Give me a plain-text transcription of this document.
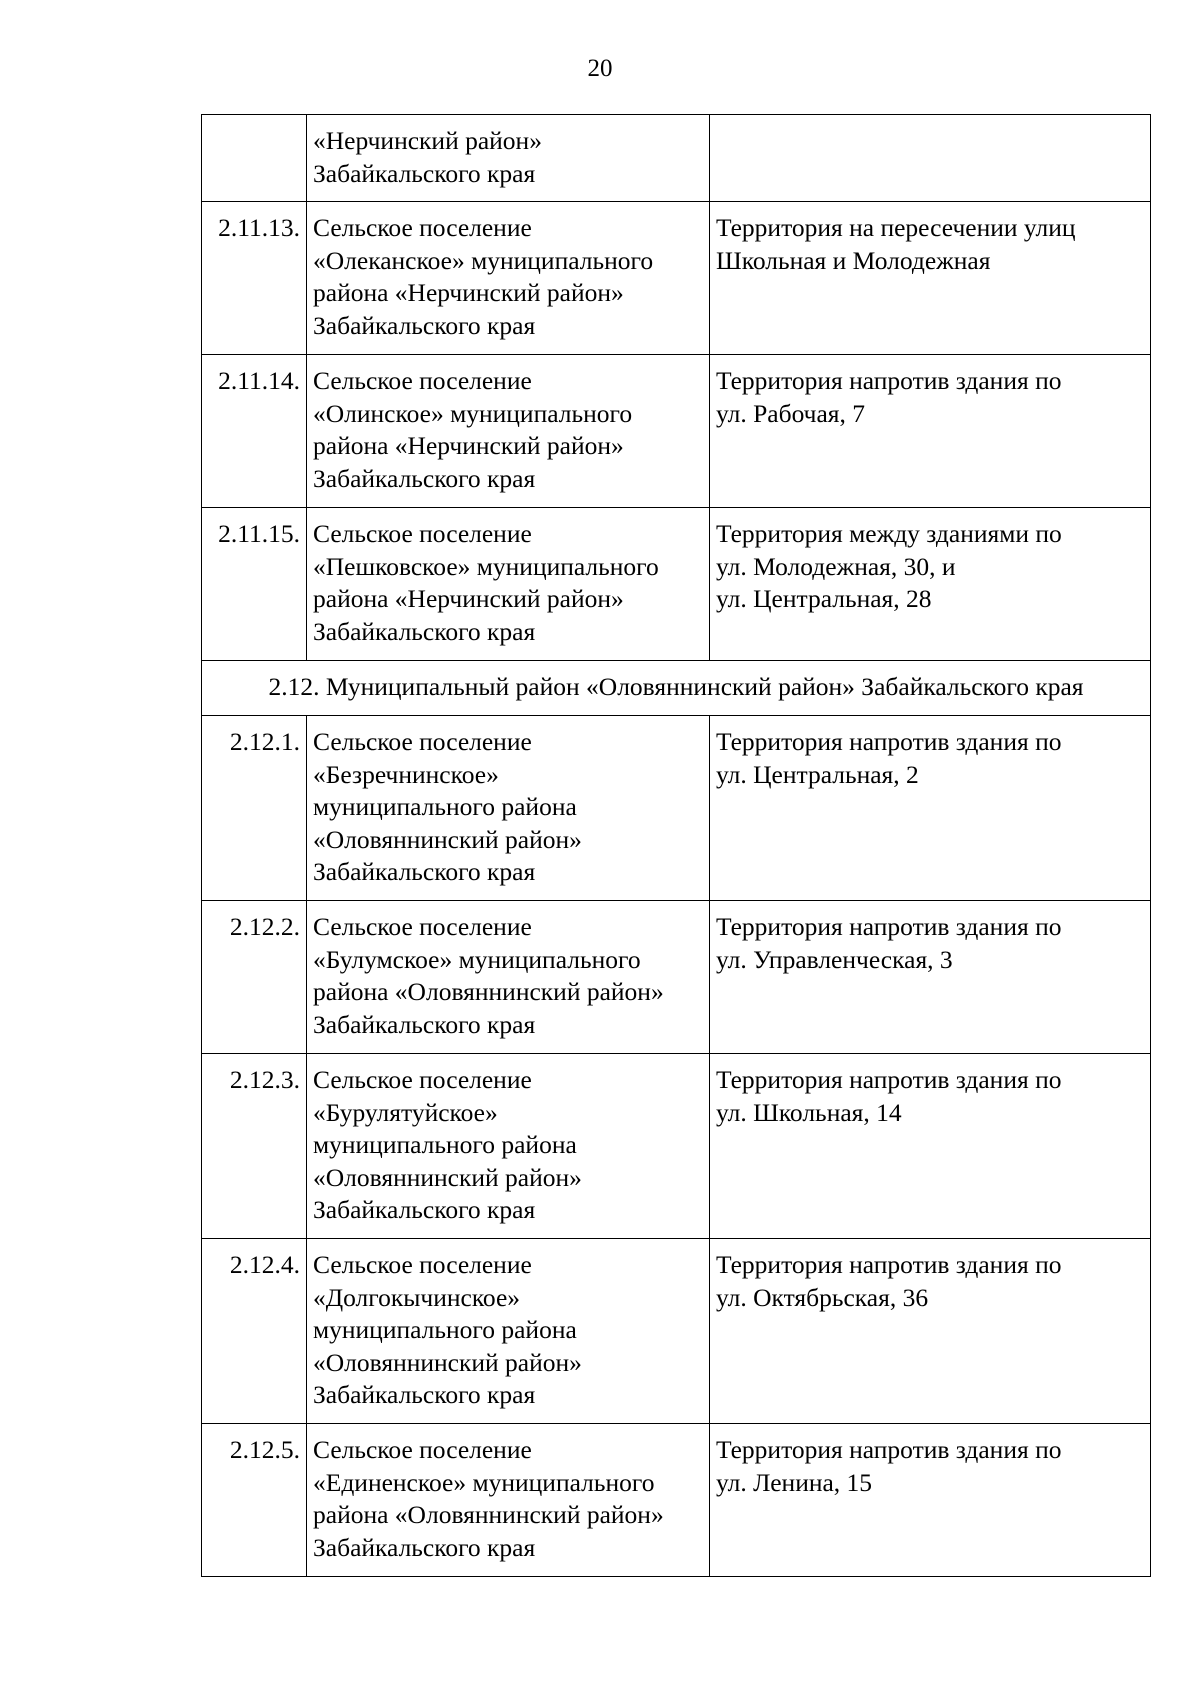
20

	«Нерчинский район»
Забайкальского края	

2.11.13.	Сельское поселение
«Олеканское» муниципального
района «Нерчинский район»
Забайкальского края	Территория на пересечении улиц
Школьная и Молодежная

2.11.14.	Сельское поселение
«Олинское» муниципального
района «Нерчинский район»
Забайкальского края	Территория напротив здания по
ул. Рабочая, 7

2.11.15.	Сельское поселение
«Пешковское» муниципального
района «Нерчинский район»
Забайкальского края	Территория между зданиями по
ул. Молодежная, 30, и
ул. Центральная, 28

2.12. Муниципальный район «Оловяннинский район» Забайкальского края		
2.12.1.	Сельское поселение
«Безречнинское»
муниципального района
«Оловяннинский район»
Забайкальского края	Территория напротив здания по
ул. Центральная, 2

2.12.2.	Сельское поселение
«Булумское» муниципального
района «Оловяннинский район»
Забайкальского края	Территория напротив здания по
ул. Управленческая, 3

2.12.3.	Сельское поселение
«Бурулятуйское»
муниципального района
«Оловяннинский район»
Забайкальского края	Территория напротив здания по
ул. Школьная, 14

2.12.4.	Сельское поселение
«Долгокычинское»
муниципального района
«Оловяннинский район»
Забайкальского края	Территория напротив здания по
ул. Октябрьская, 36

2.12.5.	Сельское поселение
«Единенское» муниципального
района «Оловяннинский район»
Забайкальского края	Территория напротив здания по
ул. Ленина, 15
